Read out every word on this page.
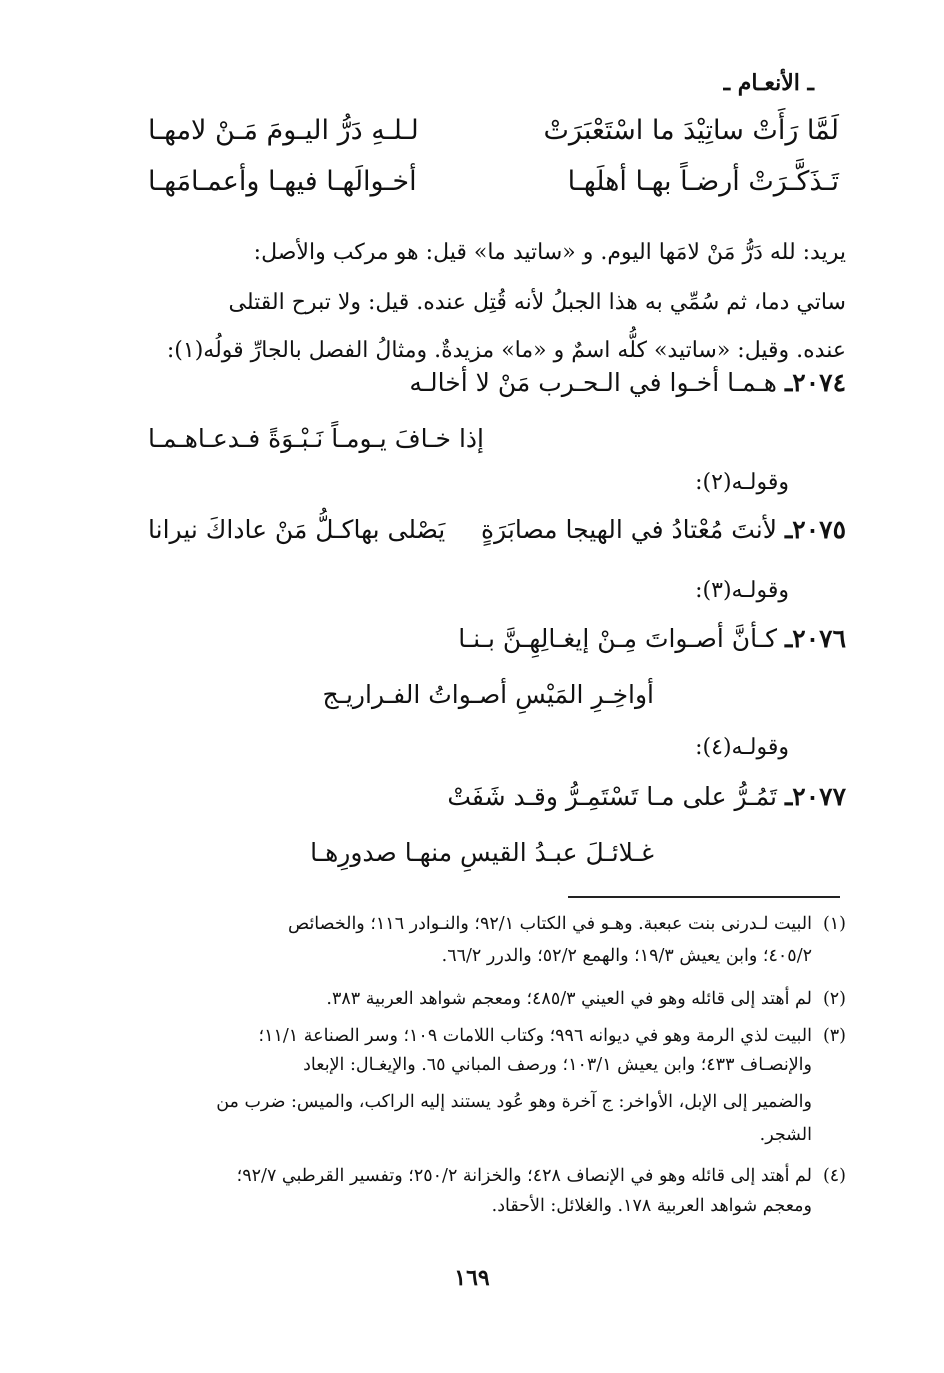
ـ الأنعـام ـ
لَمَّا رَأَتْ ساتِيْدَ ما اسْتَعْبَرَتْ
لـلـهِ دَرُّ اليـومَ مَـنْ لامهـا
تَـذَكَّـرَتْ أرضـاً بهـا أهلَهـا
أخـوالَهـا فيهـا وأعمـامَهـا
يريد: لله دَرُّ مَنْ لامَها اليوم. و «ساتيد ما» قيل: هو مركب والأصل:
ساتي دما، ثم سُمِّي به هذا الجبلُ لأنه قُتِل عنده. قيل: ولا تبرح القتلى
عنده. وقيل: «ساتيد» كلُّه اسمٌ و «ما» مزيدةٌ. ومثالُ الفصل بالجارِّ قولُه(١):
٢٠٧٤ـ هـمـا أخـوا في الـحـرب مَنْ لا أخالـه
إذا خـافَ يـومـاً نَـبْـوَةً فـدعـاهـمـا
وقولـه(٢):
٢٠٧٥ـ لأنتَ مُعْتادُ في الهيجا مصابَرَةٍ
يَصْلى بهاكـلُّ مَنْ عاداكَ نيرانا
وقولـه(٣):
٢٠٧٦ـ كـأنَّ أصـواتَ مِـنْ إيغـالِهِـنَّ بـنـا
أواخِـرِ المَيْسِ أصـواتُ الفـراريـج
وقولـه(٤):
٢٠٧٧ـ تَمُـرُّ على مـا تَسْتَمِـرُّ وقـد شَفَتْ
غـلائـلَ عبـدُ القيسِ منهـا صدورِهـا
(١)البيت لـدرنى بنت عبعبة. وهـو في الكتاب ٩٢/١؛ والنـوادر ١١٦؛ والخصائص
٤٠٥/٢؛ وابن يعيش ١٩/٣؛ والهمع ٥٢/٢؛ والدرر ٦٦/٢.
(٢)لم أهتد إلى قائله وهو في العيني ٤٨٥/٣؛ ومعجم شواهد العربية ٣٨٣.
(٣)البيت لذي الرمة وهو في ديوانه ٩٩٦؛ وكتاب اللامات ١٠٩؛ وسر الصناعة ١١/١؛
والإنصـاف ٤٣٣؛ وابن يعيش ١٠٣/١؛ ورصف المباني ٦٥. والإيغـال: الإبعاد
والضمير إلى الإبل، الأواخر: ج آخرة وهو عُود يستند إليه الراكب، والميس: ضرب من
الشجر.
(٤)لم أهتد إلى قائله وهو في الإنصاف ٤٢٨؛ والخزانة ٢٥٠/٢؛ وتفسير القرطبي ٩٢/٧؛
ومعجم شواهد العربية ١٧٨. والغلائل: الأحقاد.
١٦٩
